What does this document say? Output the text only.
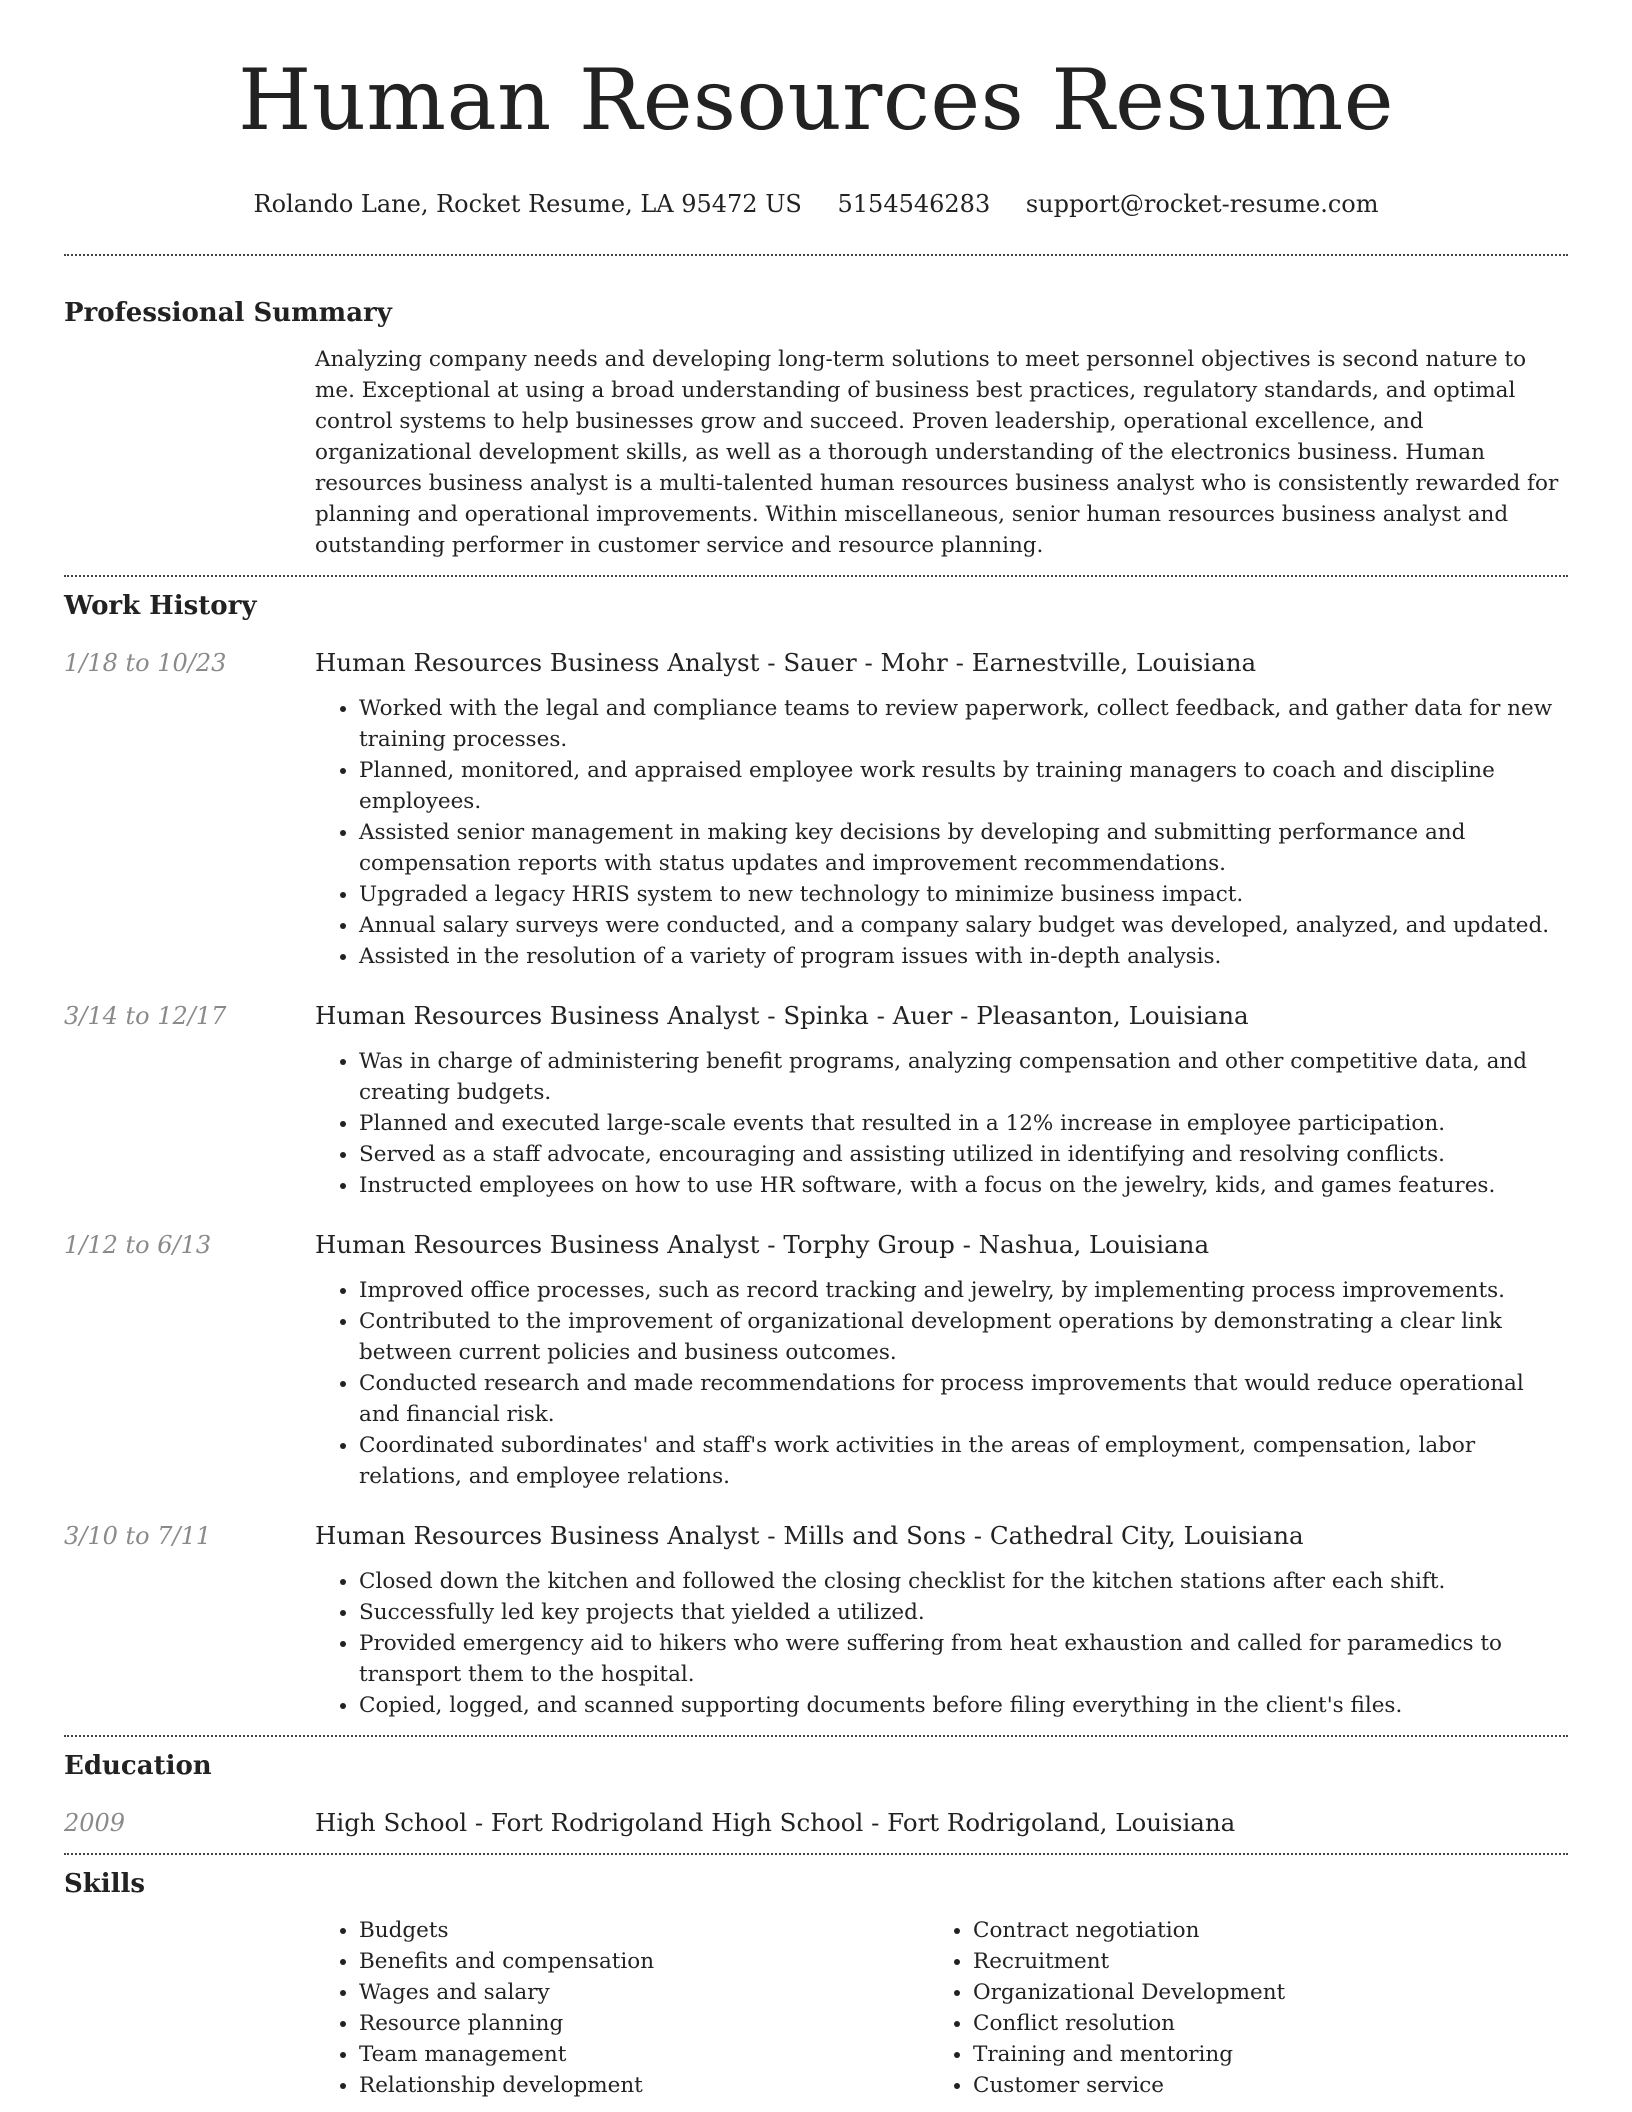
Human Resources Resume
Rolando Lane, Rocket Resume, LA 95472 US 5154546283 support@rocket-resume.com
Professional Summary
Analyzing company needs and developing long-term solutions to meet personnel objectives is second nature to me. Exceptional at using a broad understanding of business best practices, regulatory standards, and optimal control systems to help businesses grow and succeed. Proven leadership, operational excellence, and organizational development skills, as well as a thorough understanding of the electronics business. Human resources business analyst is a multi-talented human resources business analyst who is consistently rewarded for planning and operational improvements. Within miscellaneous, senior human resources business analyst and outstanding performer in customer service and resource planning.
Work History
1/18 to 10/23	Human Resources Business Analyst - Sauer - Mohr - Earnestville, Louisiana
• Worked with the legal and compliance teams to review paperwork, collect feedback, and gather data for new training processes.
• Planned, monitored, and appraised employee work results by training managers to coach and discipline employees.
• Assisted senior management in making key decisions by developing and submitting performance and compensation reports with status updates and improvement recommendations.
• Upgraded a legacy HRIS system to new technology to minimize business impact.
• Annual salary surveys were conducted, and a company salary budget was developed, analyzed, and updated.
• Assisted in the resolution of a variety of program issues with in-depth analysis.
3/14 to 12/17	Human Resources Business Analyst - Spinka - Auer - Pleasanton, Louisiana
• Was in charge of administering benefit programs, analyzing compensation and other competitive data, and creating budgets.
• Planned and executed large-scale events that resulted in a 12% increase in employee participation.
• Served as a staff advocate, encouraging and assisting utilized in identifying and resolving conflicts.
• Instructed employees on how to use HR software, with a focus on the jewelry, kids, and games features.
1/12 to 6/13	Human Resources Business Analyst - Torphy Group - Nashua, Louisiana
• Improved office processes, such as record tracking and jewelry, by implementing process improvements.
• Contributed to the improvement of organizational development operations by demonstrating a clear link between current policies and business outcomes.
• Conducted research and made recommendations for process improvements that would reduce operational and financial risk.
• Coordinated subordinates' and staff's work activities in the areas of employment, compensation, labor relations, and employee relations.
3/10 to 7/11	Human Resources Business Analyst - Mills and Sons - Cathedral City, Louisiana
• Closed down the kitchen and followed the closing checklist for the kitchen stations after each shift.
• Successfully led key projects that yielded a utilized.
• Provided emergency aid to hikers who were suffering from heat exhaustion and called for paramedics to transport them to the hospital.
• Copied, logged, and scanned supporting documents before filing everything in the client's files.
Education
2009	High School - Fort Rodrigoland High School - Fort Rodrigoland, Louisiana
Skills
• Budgets
• Benefits and compensation
• Wages and salary
• Resource planning
• Team management
• Relationship development
• Contract negotiation
• Recruitment
• Organizational Development
• Conflict resolution
• Training and mentoring
• Customer service
